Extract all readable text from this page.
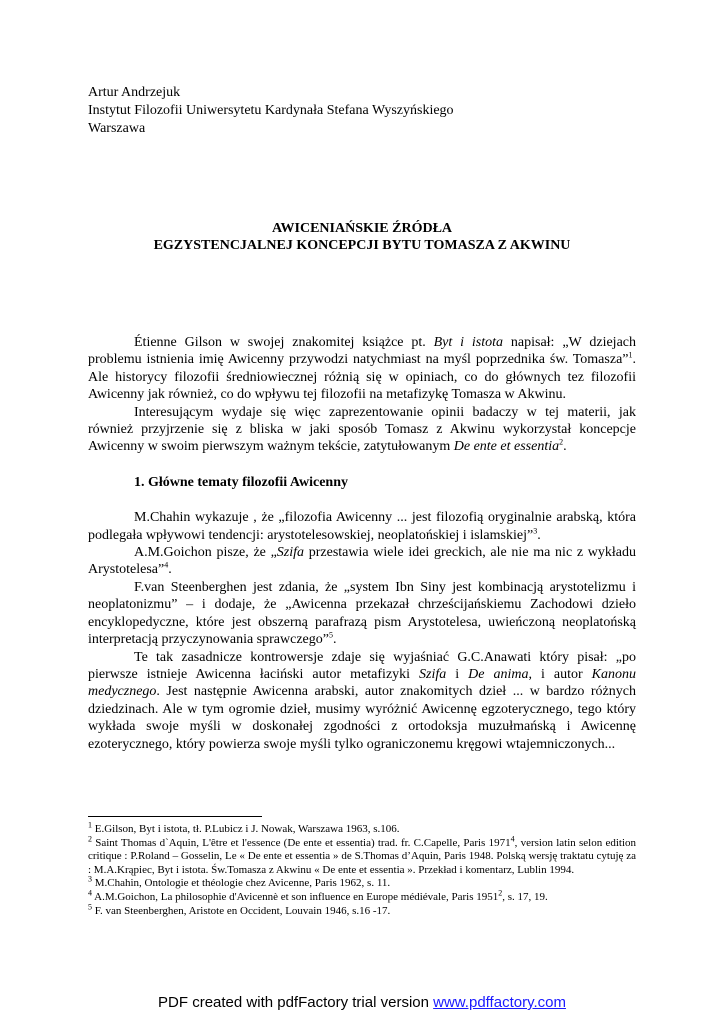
Artur Andrzejuk
Instytut Filozofii Uniwersytetu Kardynała Stefana Wyszyńskiego
Warszawa
AWICENIAŃSKIE ŹRÓDŁA
EGZYSTENCJALNEJ KONCEPCJI BYTU TOMASZA Z AKWINU

Étienne Gilson w swojej znakomitej książce pt. Byt i istota napisał: „W dziejach problemu istnienia imię Awicenny przywodzi natychmiast na myśl poprzednika św. Tomasza”$^1$. Ale historycy filozofii średniowiecznej różnią się w opiniach, co do głównych tez filozofii Awicenny jak również, co do wpływu tej filozofii na metafizykę Tomasza w Akwinu.

Interesującym wydaje się więc zaprezentowanie opinii badaczy w tej materii, jak również przyjrzenie się z bliska w jaki sposób Tomasz z Akwinu wykorzystał koncepcje Awicenny w swoim pierwszym ważnym tekście, zatytułowanym De ente et essentia$^2$.

1. Główne tematy filozofii Awicenny

M.Chahin wykazuje , że „filozofia Awicenny ... jest filozofią oryginalnie arabską, która podlegała wpływowi tendencji: arystotelesowskiej, neoplatońskiej i islamskiej”$^3$.

A.M.Goichon pisze, że „Szifa przestawia wiele idei greckich, ale nie ma nic z wykładu Arystotelesa”$^4$.

F.van Steenberghen jest zdania, że „system Ibn Siny jest kombinacją arystotelizmu i neoplatonizmu” – i dodaje, że „Awicenna przekazał chrześcijańskiemu Zachodowi dzieło encyklopedyczne, które jest obszerną parafrazą pism Arystotelesa, uwieńczoną neoplatońską interpretacją przyczynowania sprawczego”$^5$.

Te tak zasadnicze kontrowersje zdaje się wyjaśniać G.C.Anawati który pisał: „po pierwsze istnieje Awicenna łaciński autor metafizyki Szifa i De anima, i autor Kanonu medycznego. Jest następnie Awicenna arabski, autor znakomitych dzieł ... w bardzo różnych dziedzinach. Ale w tym ogromie dzieł, musimy wyróżnić Awicennę egzoterycznego, tego który wykłada swoje myśli w doskonałej zgodności z ortodoksja muzułmańską i Awicennę ezoterycznego, który powierza swoje myśli tylko ograniczonemu kręgowi wtajemniczonych...

$^1$ E.Gilson, Byt i istota, tł. P.Lubicz i J. Nowak, Warszawa 1963, s.106.
$^2$ Saint Thomas d`Aquin, L'être et l'essence (De ente et essentia) trad. fr. C.Capelle, Paris 1971$^4$, version latin selon edition critique : P.Roland – Gosselin, Le « De ente et essentia » de S.Thomas d’Aquin, Paris 1948. Polską wersję traktatu cytuję za : M.A.Krąpiec, Byt i istota. Św.Tomasza z Akwinu « De ente et essentia ». Przekład i komentarz, Lublin 1994.
$^3$ M.Chahin, Ontologie et théologie chez Avicenne, Paris 1962, s. 11.
$^4$ A.M.Goichon, La philosophie d'Avicennè et son influence en Europe médiévale, Paris 1951$^2$, s. 17, 19.
$^5$ F. van Steenberghen, Aristote en Occident, Louvain 1946, s.16 -17.
PDF created with pdfFactory trial version www.pdffactory.com
